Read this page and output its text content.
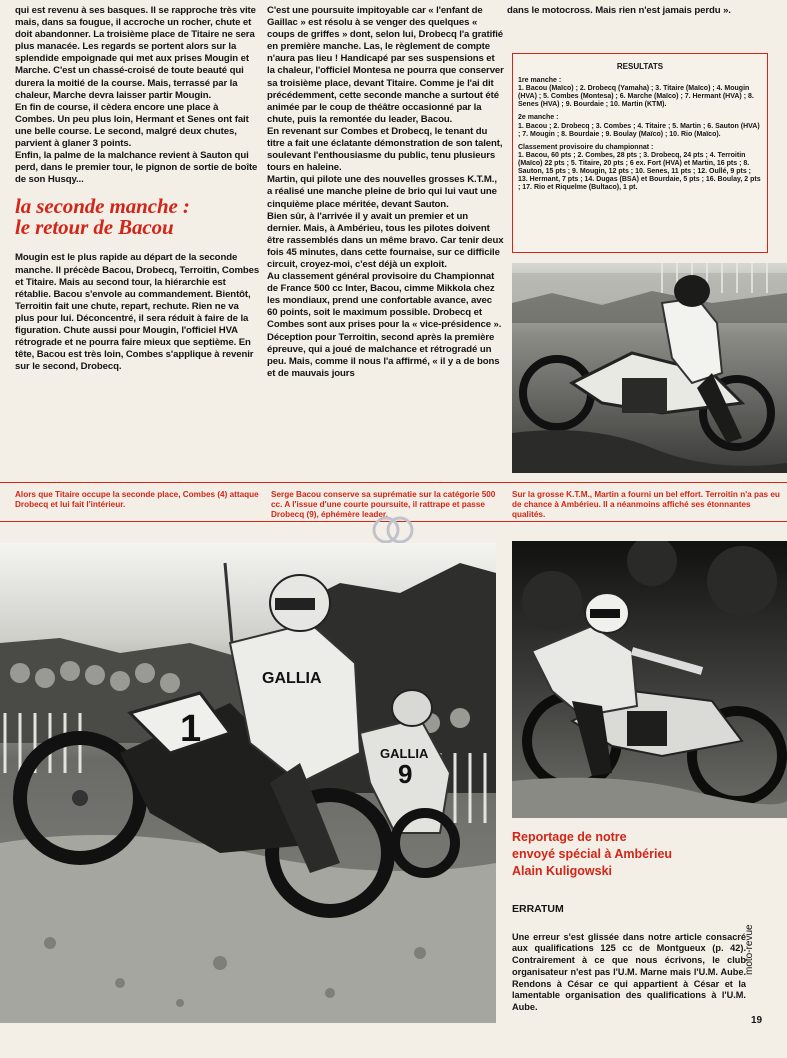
qui est revenu à ses basques. Il se rapproche très vite mais, dans sa fougue, il accroche un rocher, chute et doit abandonner. La troisième place de Titaire ne sera plus manacée. Les regards se portent alors sur la splendide empoignade qui met aux prises Mougin et Marche. C'est un chassé-croisé de toute beauté qui durera la moitié de la course. Mais, terrassé par la chaleur, Marche devra laisser partir Mougin.

En fin de course, il cèdera encore une place à Combes. Un peu plus loin, Hermant et Senes ont fait une belle course. Le second, malgré deux chutes, parvient à glaner 3 points.

Enfin, la palme de la malchance revient à Sauton qui perd, dans le premier tour, le pignon de sortie de boîte de son Husqy...

la seconde manche :
le retour de Bacou

Mougin est le plus rapide au départ de la seconde manche. Il précède Bacou, Drobecq, Terroitin, Combes et Titaire. Mais au second tour, la hiérarchie est rétablie. Bacou s'envole au commandement. Bientôt, Terroitin fait une chute, repart, rechute. Rien ne va plus pour lui. Déconcentré, il sera réduit à faire de la figuration. Chute aussi pour Mougin, l'officiel HVA rétrograde et ne pourra faire mieux que septième. En tête, Bacou est très loin, Combes s'applique à revenir sur le second, Drobecq.

C'est une poursuite impitoyable car « l'enfant de Gaillac » est résolu à se venger des quelques « coups de griffes » dont, selon lui, Drobecq l'a gratifié en première manche. Las, le règlement de compte n'aura pas lieu ! Handicapé par ses suspensions et la chaleur, l'officiel Montesa ne pourra que conserver sa troisième place, devant Titaire. Comme je l'ai dit précédemment, cette seconde manche a surtout été animée par le coup de théâtre occasionné par la chute, puis la remontée du leader, Bacou.

En revenant sur Combes et Drobecq, le tenant du titre a fait une éclatante démonstration de son talent, soulevant l'enthousiasme du public, tenu plusieurs tours en haleine.

Martin, qui pilote une des nouvelles grosses K.T.M., a réalisé une manche pleine de brio qui lui vaut une cinquième place méritée, devant Sauton.

Bien sûr, à l'arrivée il y avait un premier et un dernier. Mais, à Ambérieu, tous les pilotes doivent être rassemblés dans un même bravo. Car tenir deux fois 45 minutes, dans cette fournaise, sur ce difficile circuit, croyez-moi, c'est déjà un exploit.

Au classement général provisoire du Championnat de France 500 cc Inter, Bacou, cimme Mikkola chez les mondiaux, prend une confortable avance, avec 60 points, soit le maximum possible. Drobecq et Combes sont aux prises pour la « vice-présidence ».

Déception pour Terroitin, second après la première épreuve, qui a joué de malchance et rétrogradé un peu. Mais, comme il nous l'a affirmé, « il y a de bons et de mauvais jours

dans le motocross. Mais rien n'est jamais perdu ».

RESULTATS

1re manche :
1. Bacou (Maïco) ; 2. Drobecq (Yamaha) ; 3. Titaire (Maïco) ; 4. Mougin (HVA) ; 5. Combes (Montesa) ; 6. Marche (Maïco) ; 7. Hermant (HVA) ; 8. Senes (HVA) ; 9. Bourdaie ; 10. Martin (KTM).

2e manche :
1. Bacou ; 2. Drobecq ; 3. Combes ; 4. Titaire ; 5. Martin ; 6. Sauton (HVA) ; 7. Mougin ; 8. Bourdaie ; 9. Boulay (Maïco) ; 10. Rio (Maïco).

Classement provisoire du championnat :
1. Bacou, 60 pts ; 2. Combes, 28 pts ; 3. Drobecq, 24 pts ; 4. Terroitin (Maïco) 22 pts ; 5. Titaire, 20 pts ; 6 ex. Fort (HVA) et Martin, 16 pts ; 8. Sauton, 15 pts ; 9. Mougin, 12 pts ; 10. Senes, 11 pts ; 12. Oullé, 9 pts ; 13. Hermant, 7 pts ; 14. Dugas (BSA) et Bourdaie, 5 pts ; 16. Boulay, 2 pts ; 17. Rio et Riquelme (Bultaco), 1 pt.

Alors que Titaire occupe la seconde place, Combes (4) attaque Drobecq et lui fait l'intérieur.
Serge Bacou conserve sa suprématie sur la catégorie 500 cc. A l'issue d'une courte poursuite, il rattrape et passe Drobecq (9), éphémère leader.
Sur la grosse K.T.M., Martin a fourni un bel effort. Terroitin n'a pas eu de chance à Ambérieu. Il a néanmoins affiché ses étonnantes qualités.
1
GALLIA
GALLIA
9
Reportage de notre
envoyé spécial à Ambérieu
Alain Kuligowski
ERRATUM

Une erreur s'est glissée dans notre article consacré aux qualifications 125 cc de Montgueux (p. 42). Contrairement à ce que nous écrivons, le club organisateur n'est pas l'U.M. Marne mais l'U.M. Aube. Rendons à César ce qui appartient à César et la lamentable organisation des qualifications à l'U.M. Aube.

moto-revue
19
